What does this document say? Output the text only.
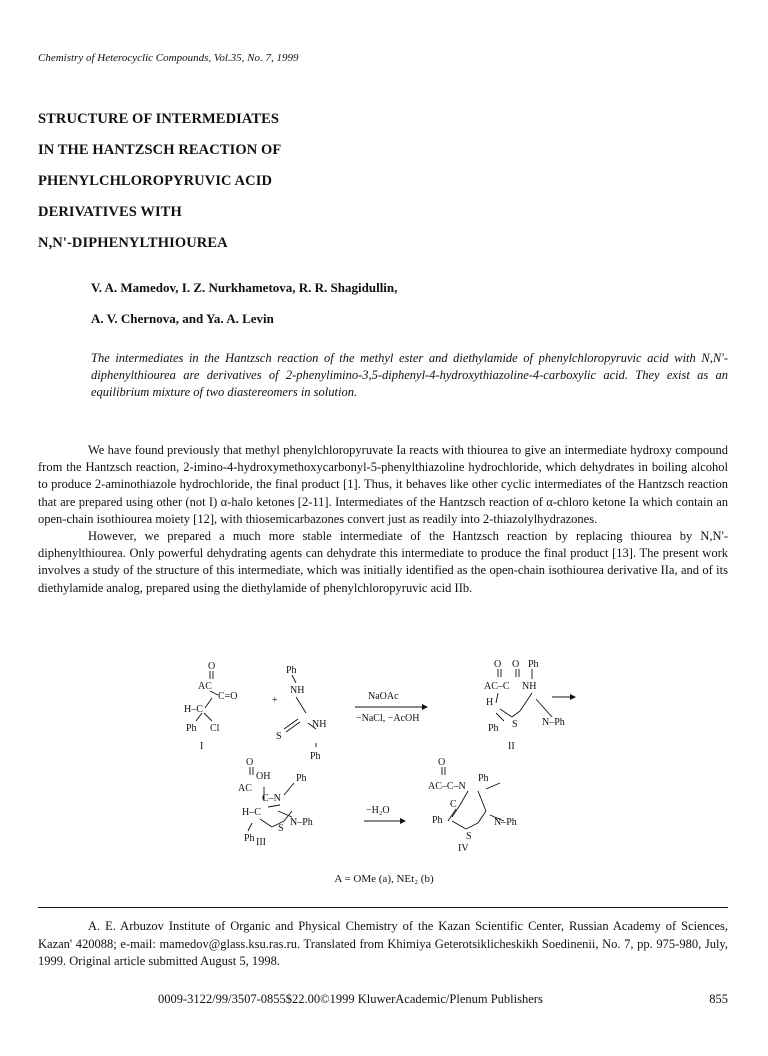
Chemistry of Heterocyclic Compounds, Vol.35, No. 7, 1999
STRUCTURE OF INTERMEDIATES
IN THE HANTZSCH REACTION OF
PHENYLCHLOROPYRUVIC ACID
DERIVATIVES WITH
N,N'-DIPHENYLTHIOUREA
V. A. Mamedov, I. Z. Nurkhametova, R. R. Shagidullin,
A. V. Chernova, and Ya. A. Levin
The intermediates in the Hantzsch reaction of the methyl ester and diethylamide of phenylchloropyruvic acid with N,N'-diphenylthiourea are derivatives of 2-phenylimino-3,5-diphenyl-4-hydroxythiazoline-4-carboxylic acid. They exist as an equilibrium mixture of two diastereomers in solution.

We have found previously that methyl phenylchloropyruvate Ia reacts with thiourea to give an intermediate hydroxy compound from the Hantzsch reaction, 2-imino-4-hydroxymethoxycarbonyl-5-phenylthiazoline hydrochloride, which dehydrates in boiling alcohol to produce 2-aminothiazole hydrochloride, the final product [1]. Thus, it behaves like other cyclic intermediates of the Hantzsch reaction that are prepared using other (not I) α-halo ketones [2-11]. Intermediates of the Hantzsch reaction of α-chloro ketone Ia which contain an open-chain isothiourea moiety [12], with thiosemicarbazones convert just as readily into 2-thiazolylhydrazones.

However, we prepared a much more stable intermediate of the Hantzsch reaction by replacing thiourea by N,N'-diphenylthiourea. Only powerful dehydrating agents can dehydrate this intermediate to produce the final product [13]. The present work involves a study of the structure of this intermediate, which was initially identified as the open-chain isothiourea derivative IIa, and of its diethylamide analog, prepared using the diethylamide of phenylchloropyruvic acid IIb.

O
AC
C=O
H–C
Ph Cl
Ph
NH
+
S
NH
Ph
NaOAc
−NaCl, −AcOH
O O Ph
AC–C NH
H
Ph S N–Ph
O
OH
AC
C–N
Ph
H–C
Ph
S
N–Ph
−H₂O
O
AC–C–N
Ph
C
Ph
S
N–Ph
I	II
III
IV
A = OMe (a), NEt₂ (b)

A. E. Arbuzov Institute of Organic and Physical Chemistry of the Kazan Scientific Center, Russian Academy of Sciences, Kazan' 420088; e-mail: mamedov@glass.ksu.ras.ru. Translated from Khimiya Geterotsiklicheskikh Soedinenii, No. 7, pp. 975-980, July, 1999. Original article submitted August 5, 1998.

0009-3122/99/3507-0855$22.00©1999 KluwerAcademic/Plenum Publishers	855
